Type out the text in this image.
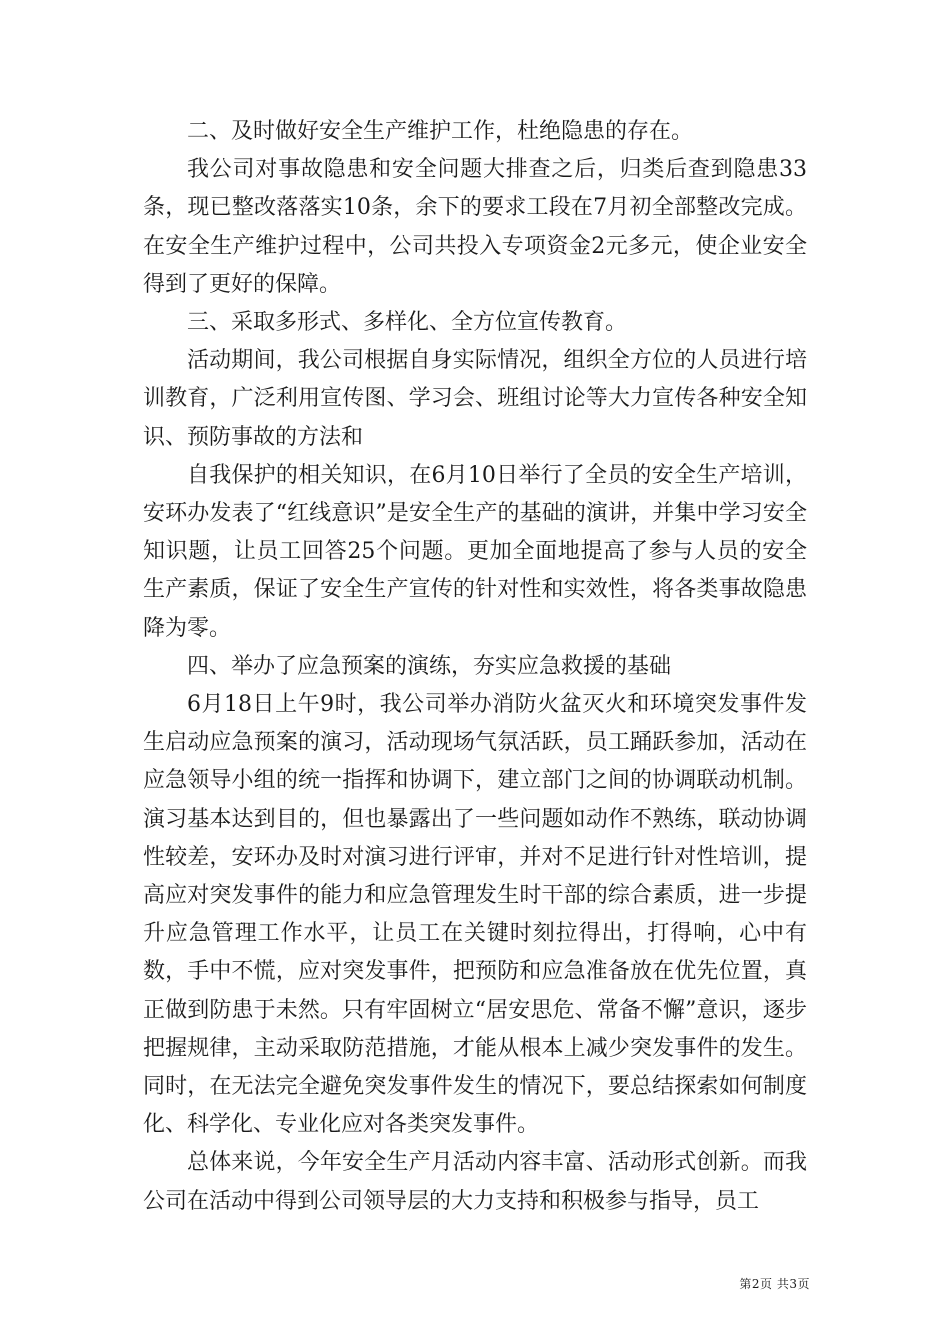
二、及时做好安全生产维护工作，杜绝隐患的存在。

我公司对事故隐患和安全问题大排查之后，归类后查到隐患33条，现已整改落落实10条，余下的要求工段在7月初全部整改完成。在安全生产维护过程中，公司共投入专项资金2元多元，使企业安全得到了更好的保障。

三、采取多形式、多样化、全方位宣传教育。

活动期间，我公司根据自身实际情况，组织全方位的人员进行培训教育，广泛利用宣传图、学习会、班组讨论等大力宣传各种安全知识、预防事故的方法和

自我保护的相关知识，在6月10日举行了全员的安全生产培训，安环办发表了“红线意识”是安全生产的基础的演讲，并集中学习安全知识题，让员工回答25个问题。更加全面地提高了参与人员的安全生产素质，保证了安全生产宣传的针对性和实效性，将各类事故隐患降为零。

四、举办了应急预案的演练，夯实应急救援的基础

6月18日上午9时，我公司举办消防火盆灭火和环境突发事件发生启动应急预案的演习，活动现场气氛活跃，员工踊跃参加，活动在应急领导小组的统一指挥和协调下，建立部门之间的协调联动机制。演习基本达到目的，但也暴露出了一些问题如动作不熟练，联动协调性较差，安环办及时对演习进行评审，并对不足进行针对性培训，提高应对突发事件的能力和应急管理发生时干部的综合素质，进一步提升应急管理工作水平，让员工在关键时刻拉得出，打得响，心中有数，手中不慌，应对突发事件，把预防和应急准备放在优先位置，真正做到防患于未然。只有牢固树立“居安思危、常备不懈”意识，逐步把握规律，主动采取防范措施，才能从根本上减少突发事件的发生。同时，在无法完全避免突发事件发生的情况下，要总结探索如何制度化、科学化、专业化应对各类突发事件。

总体来说，今年安全生产月活动内容丰富、活动形式创新。而我公司在活动中得到公司领导层的大力支持和积极参与指导，员工

第2页 共3页
